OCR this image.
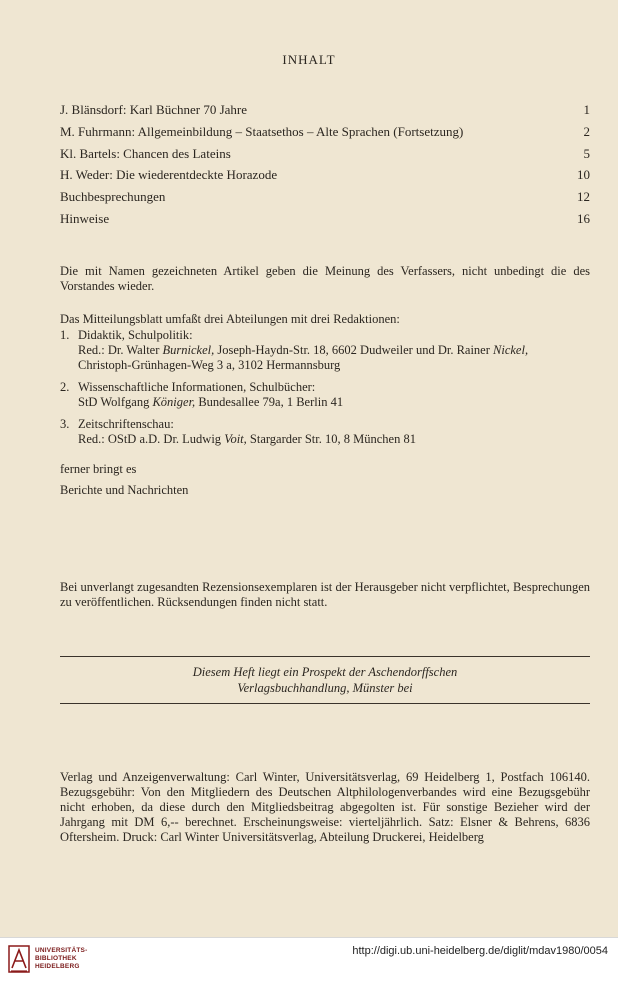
INHALT
J. Blänsdorf: Karl Büchner 70 Jahre	1
M. Fuhrmann: Allgemeinbildung – Staatsethos – Alte Sprachen (Fortsetzung)	2
Kl. Bartels: Chancen des Lateins	5
H. Weder: Die wiederentdeckte Horazode	10
Buchbesprechungen	12
Hinweise	16
Die mit Namen gezeichneten Artikel geben die Meinung des Verfassers, nicht unbedingt die des Vorstandes wieder.
Das Mitteilungsblatt umfaßt drei Abteilungen mit drei Redaktionen:
1. Didaktik, Schulpolitik:
Red.: Dr. Walter Burnickel, Joseph-Haydn-Str. 18, 6602 Dudweiler und Dr. Rainer Nickel,
Christoph-Grünhagen-Weg 3 a, 3102 Hermannsburg
2. Wissenschaftliche Informationen, Schulbücher:
StD Wolfgang Königer, Bundesallee 79a, 1 Berlin 41
3. Zeitschriftenschau:
Red.: OStD a.D. Dr. Ludwig Voit, Stargarder Str. 10, 8 München 81
ferner bringt es
Berichte und Nachrichten
Bei unverlangt zugesandten Rezensionsexemplaren ist der Herausgeber nicht verpflichtet, Besprechungen zu veröffentlichen. Rücksendungen finden nicht statt.
Diesem Heft liegt ein Prospekt der Aschendorffschen
Verlagsbuchhandlung, Münster bei
Verlag und Anzeigenverwaltung: Carl Winter, Universitätsverlag, 69 Heidelberg 1, Postfach 106140. Bezugsgebühr: Von den Mitgliedern des Deutschen Altphilologenverbandes wird eine Bezugsgebühr nicht erhoben, da diese durch den Mitgliedsbeitrag abgegolten ist. Für sonstige Bezieher wird der Jahrgang mit DM 6,-- berechnet. Erscheinungsweise: vierteljährlich. Satz: Elsner & Behrens, 6836 Oftersheim. Druck: Carl Winter Universitätsverlag, Abteilung Druckerei, Heidelberg
UNIVERSITÄTS-
BIBLIOTHEK
HEIDELBERG
http://digi.ub.uni-heidelberg.de/diglit/mdav1980/0054
